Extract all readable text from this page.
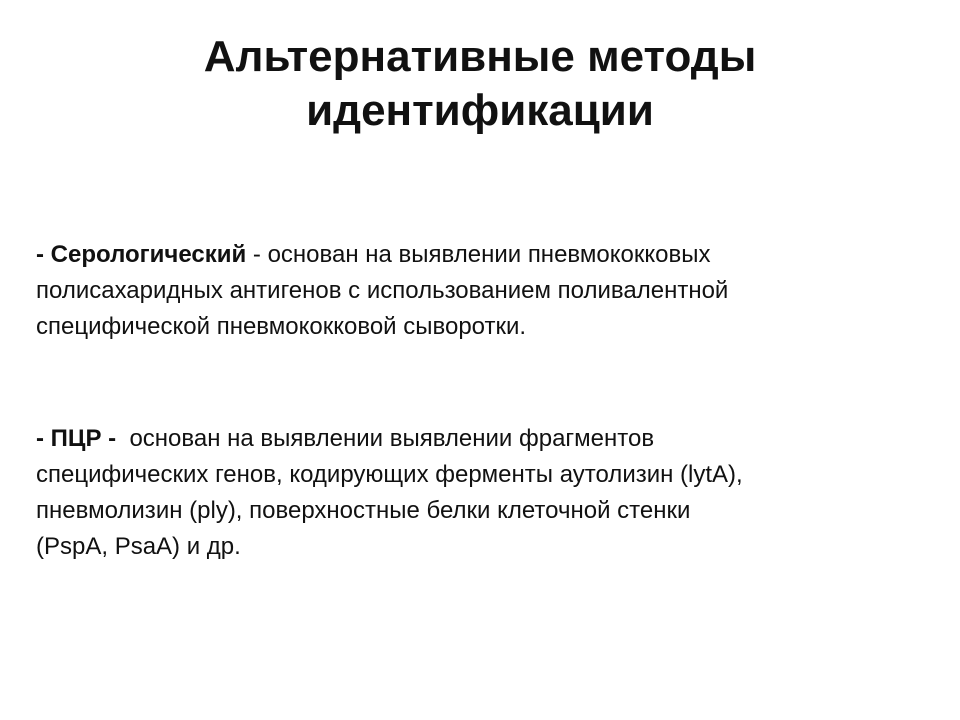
Альтернативные методы
идентификации

- Серологический - основан на выявлении пневмококковых
полисахаридных антигенов с использованием поливалентной
специфической пневмококковой сыворотки.

- ПЦР -  основан на выявлении выявлении фрагментов
специфических генов, кодирующих ферменты аутолизин (lytA),
пневмолизин (ply), поверхностные белки клеточной стенки
(PspA, PsaA) и др.
